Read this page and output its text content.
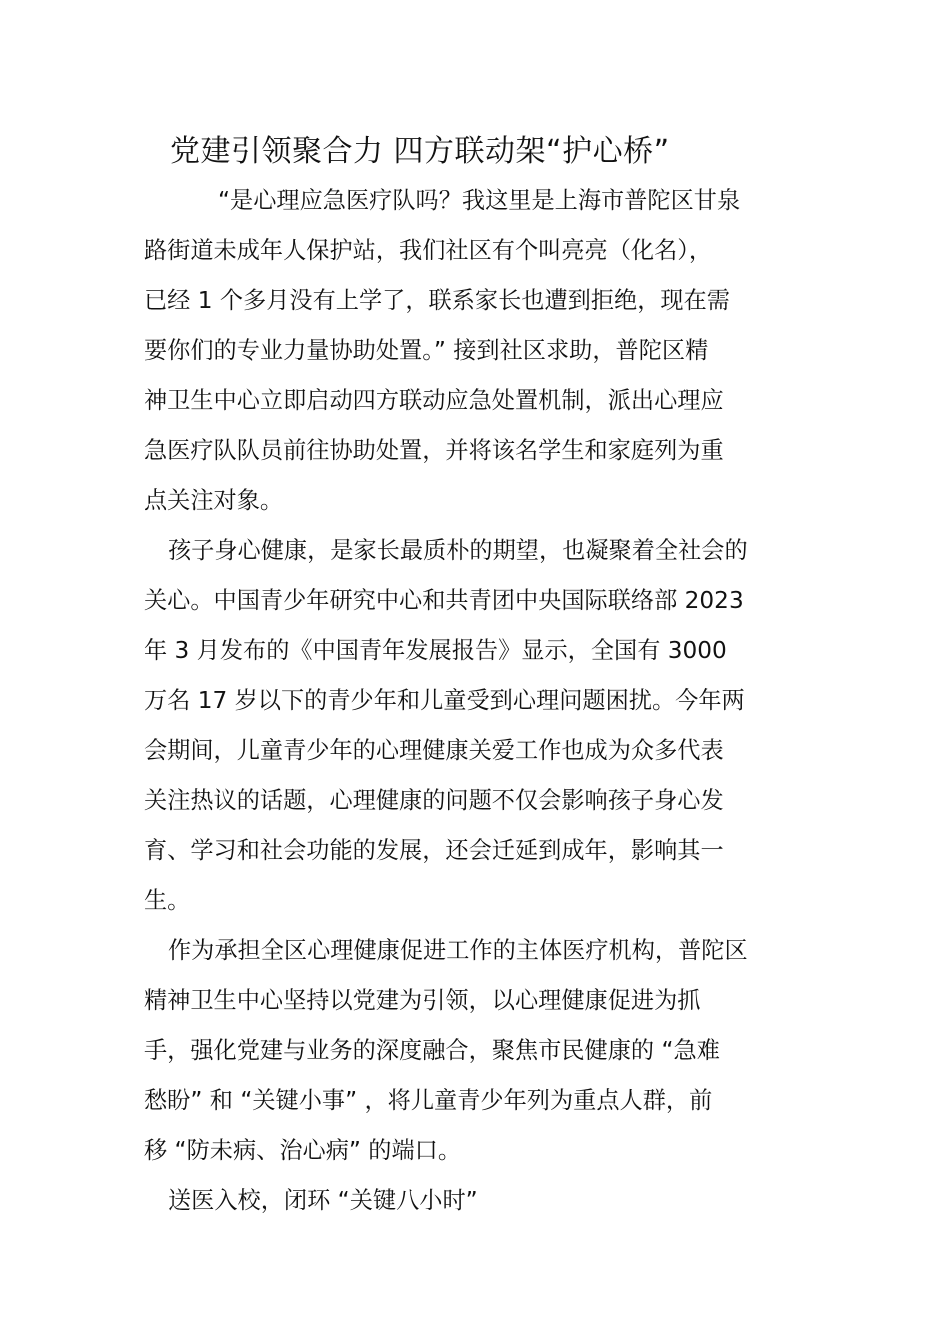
党建引领聚合力 四方联动架“护心桥”
“是心理应急医疗队吗？我这里是上海市普陀区甘泉
路街道未成年人保护站，我们社区有个叫亮亮（化名），
已经 1 个多月没有上学了，联系家长也遭到拒绝，现在需
要你们的专业力量协助处置。” 接到社区求助，普陀区精
神卫生中心立即启动四方联动应急处置机制，派出心理应
急医疗队队员前往协助处置，并将该名学生和家庭列为重
点关注对象。
孩子身心健康，是家长最质朴的期望，也凝聚着全社会的
关心。中国青少年研究中心和共青团中央国际联络部 2023
年 3 月发布的《中国青年发展报告》显示，全国有 3000
万名 17 岁以下的青少年和儿童受到心理问题困扰。今年两
会期间，儿童青少年的心理健康关爱工作也成为众多代表
关注热议的话题，心理健康的问题不仅会影响孩子身心发
育、学习和社会功能的发展，还会迁延到成年，影响其一
生。
作为承担全区心理健康促进工作的主体医疗机构，普陀区
精神卫生中心坚持以党建为引领，以心理健康促进为抓
手，强化党建与业务的深度融合，聚焦市民健康的 “急难
愁盼” 和 “关键小事” ，将儿童青少年列为重点人群，前
移 “防未病、治心病” 的端口。
送医入校，闭环 “关键八小时”
